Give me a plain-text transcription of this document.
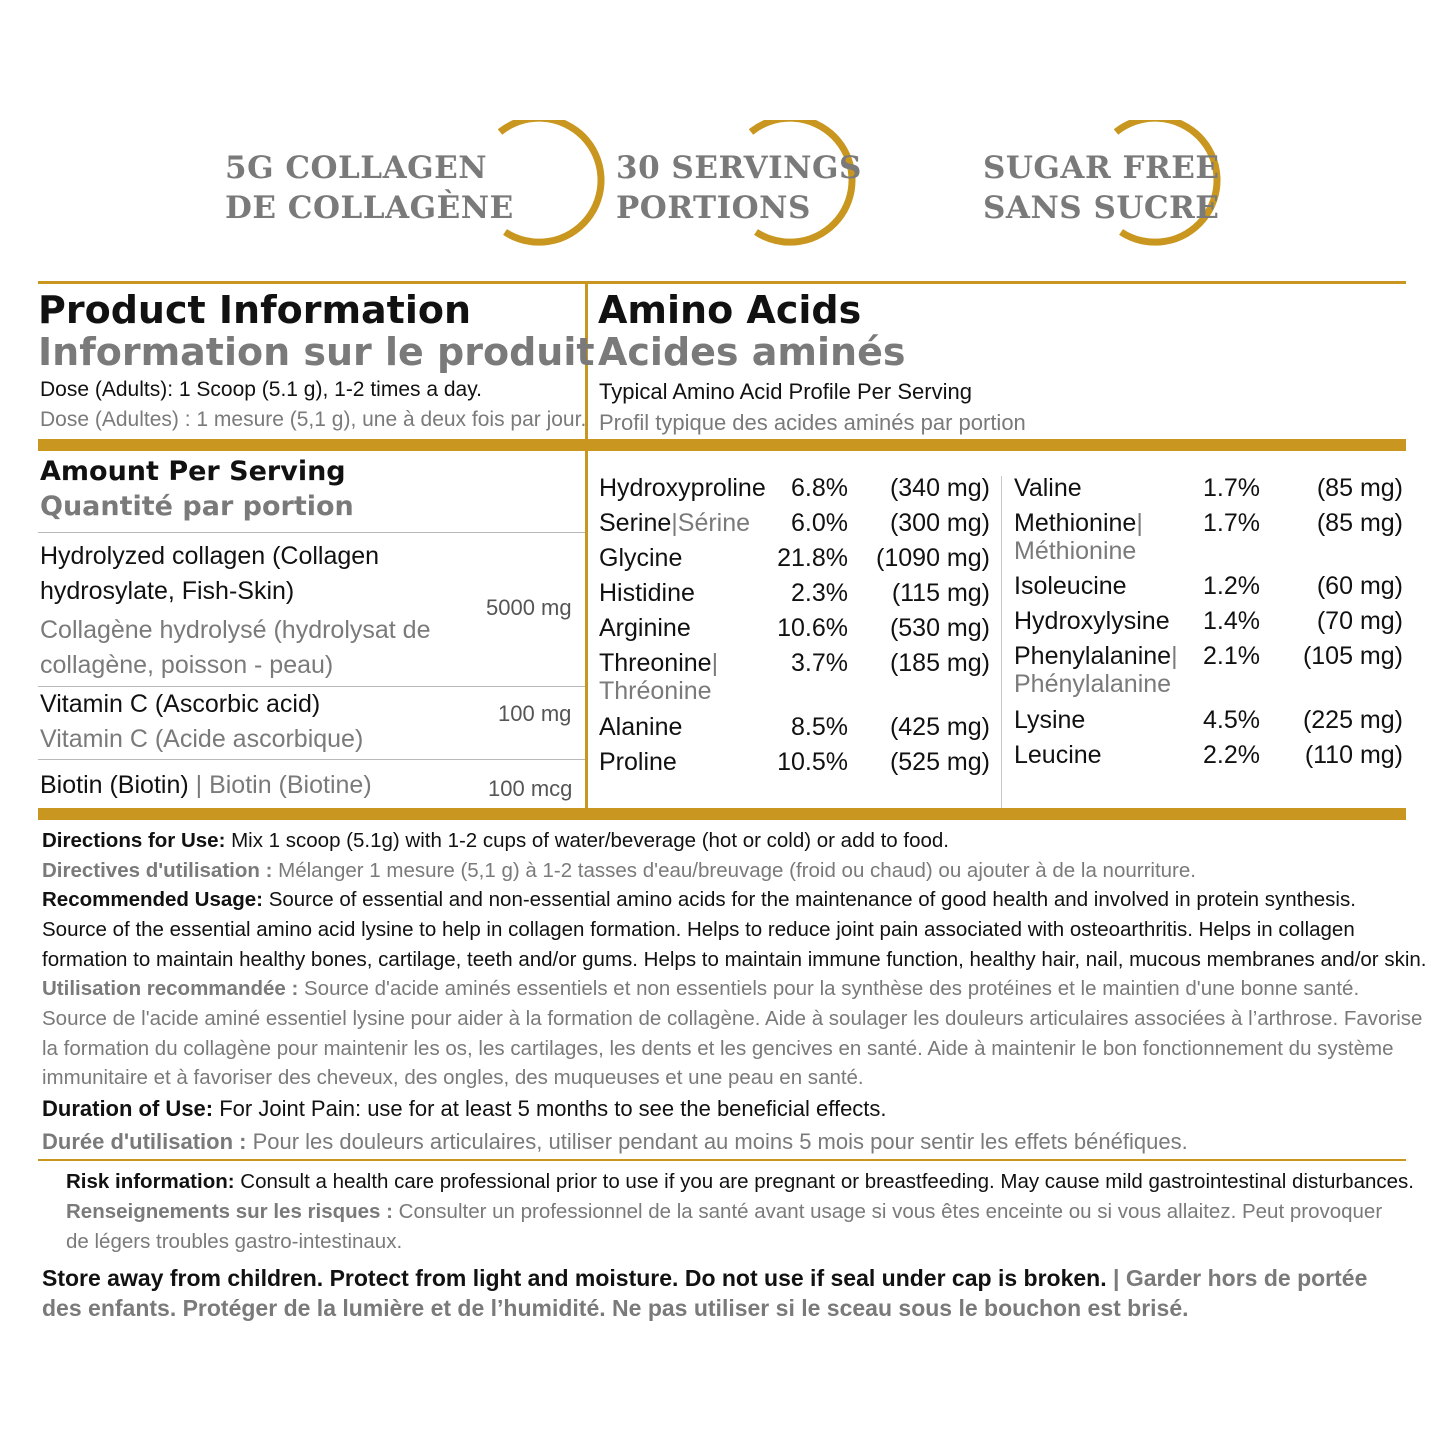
5G COLLAGEN
DE COLLAGÈNE
30 SERVINGS
PORTIONS
SUGAR FREE
SANS SUCRE
Product Information
Information sur le produit
Dose (Adults): 1 Scoop (5.1 g), 1-2 times a day.
Dose (Adultes) : 1 mesure (5,1 g), une à deux fois par jour.
Amino Acids
Acides aminés
Typical Amino Acid Profile Per Serving
Profil typique des acides aminés par portion
Amount Per Serving
Quantité par portion
Hydrolyzed collagen (Collagen
hydrosylate, Fish-Skin)
Collagène hydrolysé (hydrolysat de
collagène, poisson - peau)
5000 mg
Vitamin C (Ascorbic acid)
Vitamin C (Acide ascorbique)
100 mg
Biotin (Biotin) | Biotin (Biotine)	100 mcg
Hydroxyproline	6.8%	(340 mg)
Serine|Sérine	6.0%	(300 mg)
Glycine	21.8%	(1090 mg)
Histidine	2.3%	(115 mg)
Arginine	10.6%	(530 mg)
Threonine|
Thréonine
3.7%	(185 mg)
Alanine	8.5%	(425 mg)
Proline	10.5%	(525 mg)
Valine	1.7%	(85 mg)
Methionine|
Méthionine
1.7%	(85 mg)
Isoleucine	1.2%	(60 mg)
Hydroxylysine	1.4%	(70 mg)
Phenylalanine|
Phénylalanine
2.1%	(105 mg)
Lysine	4.5%	(225 mg)
Leucine	2.2%	(110 mg)
Directions for Use: Mix 1 scoop (5.1g) with 1-2 cups of water/beverage (hot or cold) or add to food.
Directives d'utilisation : Mélanger 1 mesure (5,1 g) à 1-2 tasses d'eau/breuvage (froid ou chaud) ou ajouter à de la nourriture.
Recommended Usage: Source of essential and non-essential amino acids for the maintenance of good health and involved in protein synthesis.
Source of the essential amino acid lysine to help in collagen formation. Helps to reduce joint pain associated with osteoarthritis. Helps in collagen
formation to maintain healthy bones, cartilage, teeth and/or gums. Helps to maintain immune function, healthy hair, nail, mucous membranes and/or skin.
Utilisation recommandée : Source d'acide aminés essentiels et non essentiels pour la synthèse des protéines et le maintien d'une bonne santé.
Source de l'acide aminé essentiel lysine pour aider à la formation de collagène. Aide à soulager les douleurs articulaires associées à l’arthrose. Favorise
la formation du collagène pour maintenir les os, les cartilages, les dents et les gencives en santé. Aide à maintenir le bon fonctionnement du système
immunitaire et à favoriser des cheveux, des ongles, des muqueuses et une peau en santé.
Duration of Use: For Joint Pain: use for at least 5 months to see the beneficial effects.
Durée d'utilisation : Pour les douleurs articulaires, utiliser pendant au moins 5 mois pour sentir les effets bénéfiques.
Risk information: Consult a health care professional prior to use if you are pregnant or breastfeeding. May cause mild gastrointestinal disturbances.
Renseignements sur les risques : Consulter un professionnel de la santé avant usage si vous êtes enceinte ou si vous allaitez. Peut provoquer
de légers troubles gastro-intestinaux.
Store away from children. Protect from light and moisture. Do not use if seal under cap is broken. | Garder hors de portée des enfants. Protéger de la lumière et de l’humidité. Ne pas utiliser si le sceau sous le bouchon est brisé.
